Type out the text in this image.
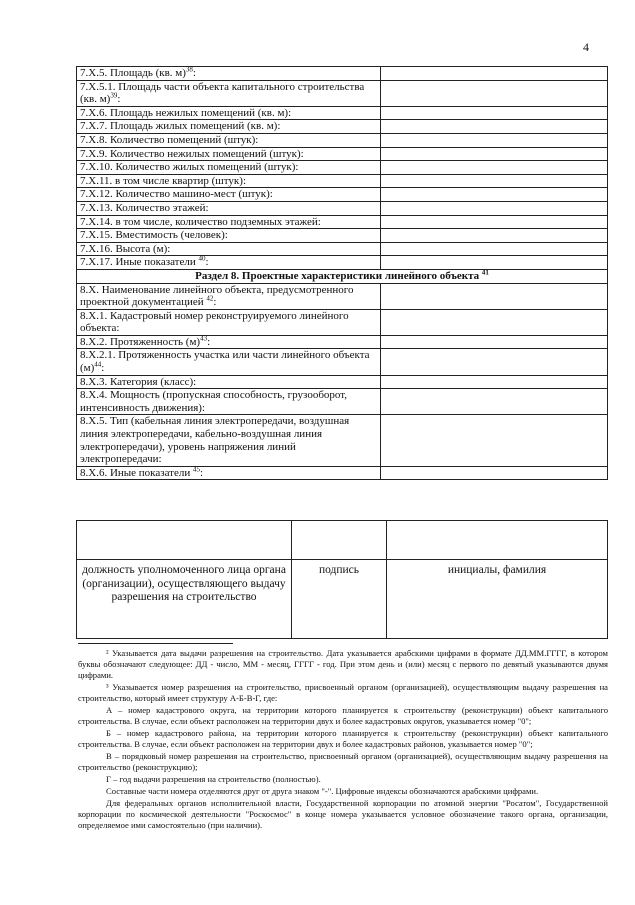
4
7.Х.5. Площадь (кв. м)$^{38}$:	
7.Х.5.1. Площадь части объекта капитального строительства (кв. м)$^{39}$:	
7.Х.6. Площадь нежилых помещений (кв. м):	
7.Х.7. Площадь жилых помещений (кв. м):	
7.Х.8. Количество помещений (штук):	
7.Х.9. Количество нежилых помещений (штук):	
7.Х.10. Количество жилых помещений (штук):	
7.Х.11. в том числе квартир (штук):	
7.Х.12. Количество машино-мест (штук):	
7.Х.13. Количество этажей:	
7.Х.14. в том числе, количество подземных этажей:	
7.Х.15. Вместимость (человек):	
7.Х.16. Высота (м):	
7.Х.17. Иные показатели $^{40}$:	
Раздел 8. Проектные характеристики линейного объекта $^{41}$
8.Х. Наименование линейного объекта, предусмотренного проектной документацией $^{42}$:	
8.Х.1. Кадастровый номер реконструируемого линейного объекта:	
8.Х.2. Протяженность $(м)^{43}$:	
8.Х.2.1. Протяженность участка или части линейного объекта $(м)^{44}$:	
8.Х.3. Категория (класс):	
8.Х.4. Мощность (пропускная способность, грузооборот, интенсивность движения):	
8.Х.5. Тип (кабельная линия электропередачи, воздушная линия электропередачи, кабельно-воздушная линия электропередачи), уровень напряжения линий электропередачи:	
8.Х.6. Иные показатели $^{45}$:	

должность уполномоченного лица органа (организации), осуществляющего выдачу разрешения на строительство	подпись	инициалы, фамилия

² Указывается дата выдачи разрешения на строительство. Дата указывается арабскими цифрами в формате ДД.ММ.ГГГГ, в котором буквы обозначают следующее: ДД - число, ММ - месяц, ГГГГ - год. При этом день и (или) месяц с первого по девятый указываются двумя цифрами.

³ Указывается номер разрешения на строительство, присвоенный органом (организацией), осуществляющим выдачу разрешения на строительство, который имеет структуру А-Б-В-Г, где:

А – номер кадастрового округа, на территории которого планируется к строительству (реконструкции) объект капитального строительства. В случае, если объект расположен на территории двух и более кадастровых округов, указывается номер "0";

Б – номер кадастрового района, на территории которого планируется к строительству (реконструкции) объект капитального строительства. В случае, если объект расположен на территории двух и более кадастровых районов, указывается номер "0";

В – порядковый номер разрешения на строительство, присвоенный органом (организацией), осуществляющим выдачу разрешения на строительство (реконструкцию);

Г – год выдачи разрешения на строительство (полностью).

Составные части номера отделяются друг от друга знаком "-". Цифровые индексы обозначаются арабскими цифрами.

Для федеральных органов исполнительной власти, Государственной корпорации по атомной энергии "Росатом", Государственной корпорации по космической деятельности "Роскосмос" в конце номера указывается условное обозначение такого органа, организации, определяемое ими самостоятельно (при наличии).
